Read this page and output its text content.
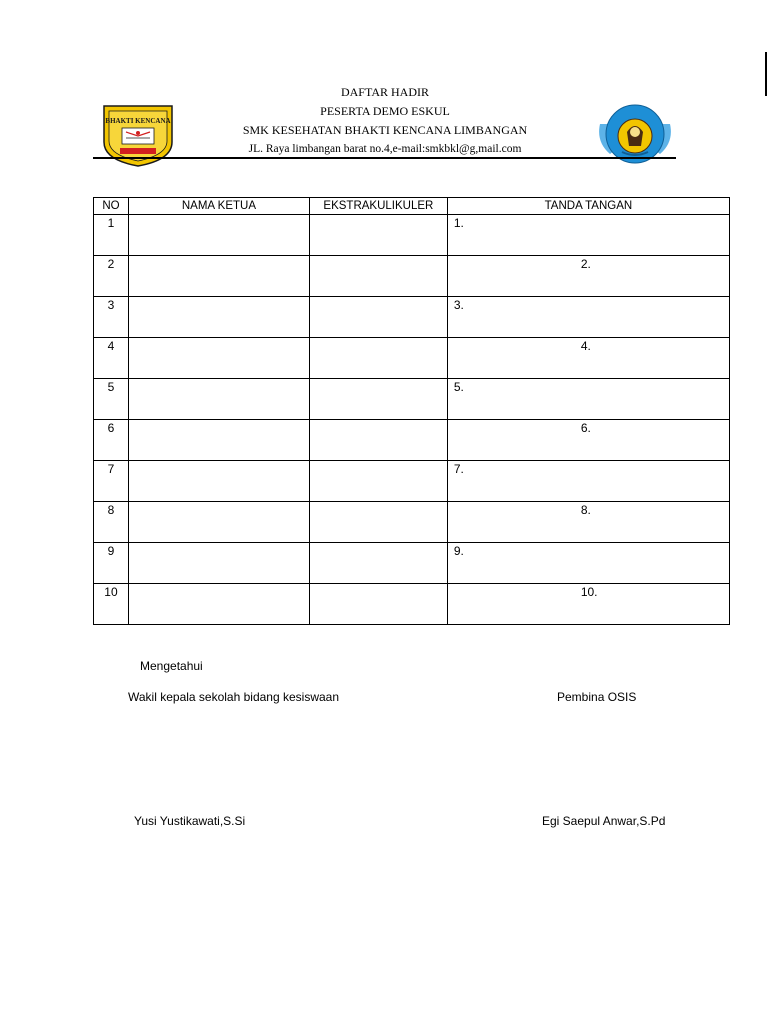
BHAKTI KENCANA
DAFTAR HADIR
PESERTA DEMO ESKUL
SMK KESEHATAN BHAKTI KENCANA LIMBANGAN
JL. Raya limbangan barat no.4,e-mail:smkbkl@g,mail.com
NO	NAMA KETUA	EKSTRAKULIKULER	TANDA TANGAN

1			1.

2			2.

3			3.

4			4.

5			5.

6			6.

7			7.

8			8.

9			9.

10			10.
Mengetahui
Wakil kepala sekolah bidang kesiswaan	Pembina OSIS
Yusi Yustikawati,S.Si	Egi Saepul Anwar,S.Pd
